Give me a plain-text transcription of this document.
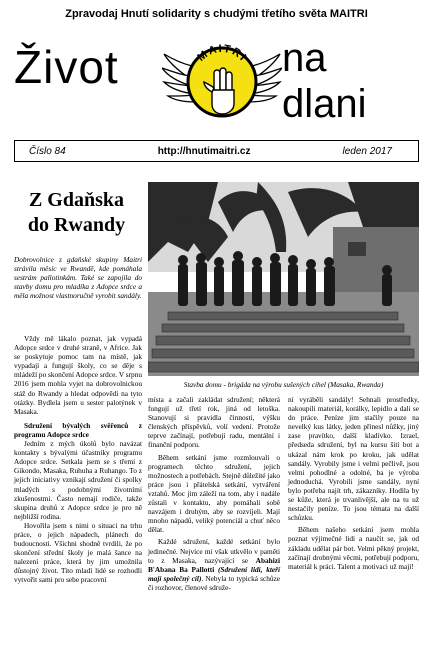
Zpravodaj Hnutí solidarity s chudými třetího světa MAITRI
Život	na
dlani
MAITRI
Číslo 84	http://hnutimaitri.cz	leden 2017
Z Gdaňska
do Rwandy
Dobrovolnice z gdaňské skupiny Maitri strávila měsíc ve Rwandě, kde pomáhala sestrám pallotinkám. Také se zapojila do stavby domu pro mladíka z Adopce srdce a měla možnost vlastnoručně vyrobit sandály.

Vždy mě lákalo poznat, jak vypadá Adopce srdce v druhé straně, v Africe. Jak se poskytuje pomoc tam na místě, jak vypadají a fungují školy, co se děje s mládeží po skončení Adopce srdce. V srpnu 2016 jsem mohla vyjet na dobrovolnickou stáž do Rwandy a hledat odpovědi na tyto otázky. Bydlela jsem u sester palotýnek v Masaka.

Sdružení bývalých svěřenců z programu Adopce srdce

Jedním z mých úkolů bylo navázat kontakty s bývalými účastníky programu Adopce srdce. Setkala jsem se s třemi z Gikondo, Masaka, Ruhuha a Ruhango. To z jejich iniciativy vznikají sdružení či spolky mladých s podobnými životními zkušenostmi. Často nemají rodiče, takže skupina druhů z Adopce srdce je pro ně nejbližší rodina.

Hovořila jsem s nimi o situaci na trhu práce, o jejich nápadech, plánech do budoucnosti. Všichni shodně tvrdili, že po skončení střední školy je malá šance na nalezení práce, která by jim umožnila důstojný život. Tito mladí lidé se rozhodli vytvořit sami pro sebe pracovní

Stavba domu - brigáda na výrobu sušených cihel (Masaka, Rwanda)

místa a začali zakládat sdružení; některá fungují už třetí rok, jiná od letoška. Stanovují si pravidla činnosti, výšku členských příspěvků, volí vedení. Protože teprve začínají, potřebují radu, mentální i finanční podporu.

Během setkání jsme rozmlouvali o programech těchto sdružení, jejich možnostech a potřebách. Stejně důležité jako práce jsou i přátelská setkání, vytváření vztahů. Moc jim záleží na tom, aby i nadále zůstali v kontaktu, aby pomáhali sobě navzájem i druhým, aby se rozvíjeli. Mají mnoho nápadů, veliký potenciál a chuť něco dělat.

Každé sdružení, každé setkání bylo jedinečné. Nejvíce mi však utkvělo v paměti to z Masaka, nazývající se Abahizi B'Abana Ba Pallotti (Sdružení lidí, kteří mají společný cíl). Nebyla to typická schůze či rozhovor, členové sdruže-

ní vyráběli sandály! Sehnali prostředky, nakoupili materiál, korálky, lepidlo a dali se do práce. Peníze jim stačily pouze na nevelký kus látky, jeden přinesl nůžky, jiný zase pravítko, další kladívko. Izrael, předseda sdružení, byl na kursu šití bot a ukázal nám krok po kroku, jak udělat sandály. Vyrobily jsme i velmi pečlivě, jsou velmi pohodlné a odolné, ba je výroba jednoduchá. Vyrobili jsme sandály, nyní bylo potřeba najít trh, zákazníky. Hodila by se kůže, která je trvanlivější, ale na tu už nestačily peníze. To jsou témata na další schůzku.

Během našeho setkání jsem mohla poznat výjimečné lidi a naučit se, jak od základu udělat pár bot. Velmi pěkný projekt, začínají drobnými věcmi, potřebují podporu, materiál k práci. Talent a motivaci už mají!
